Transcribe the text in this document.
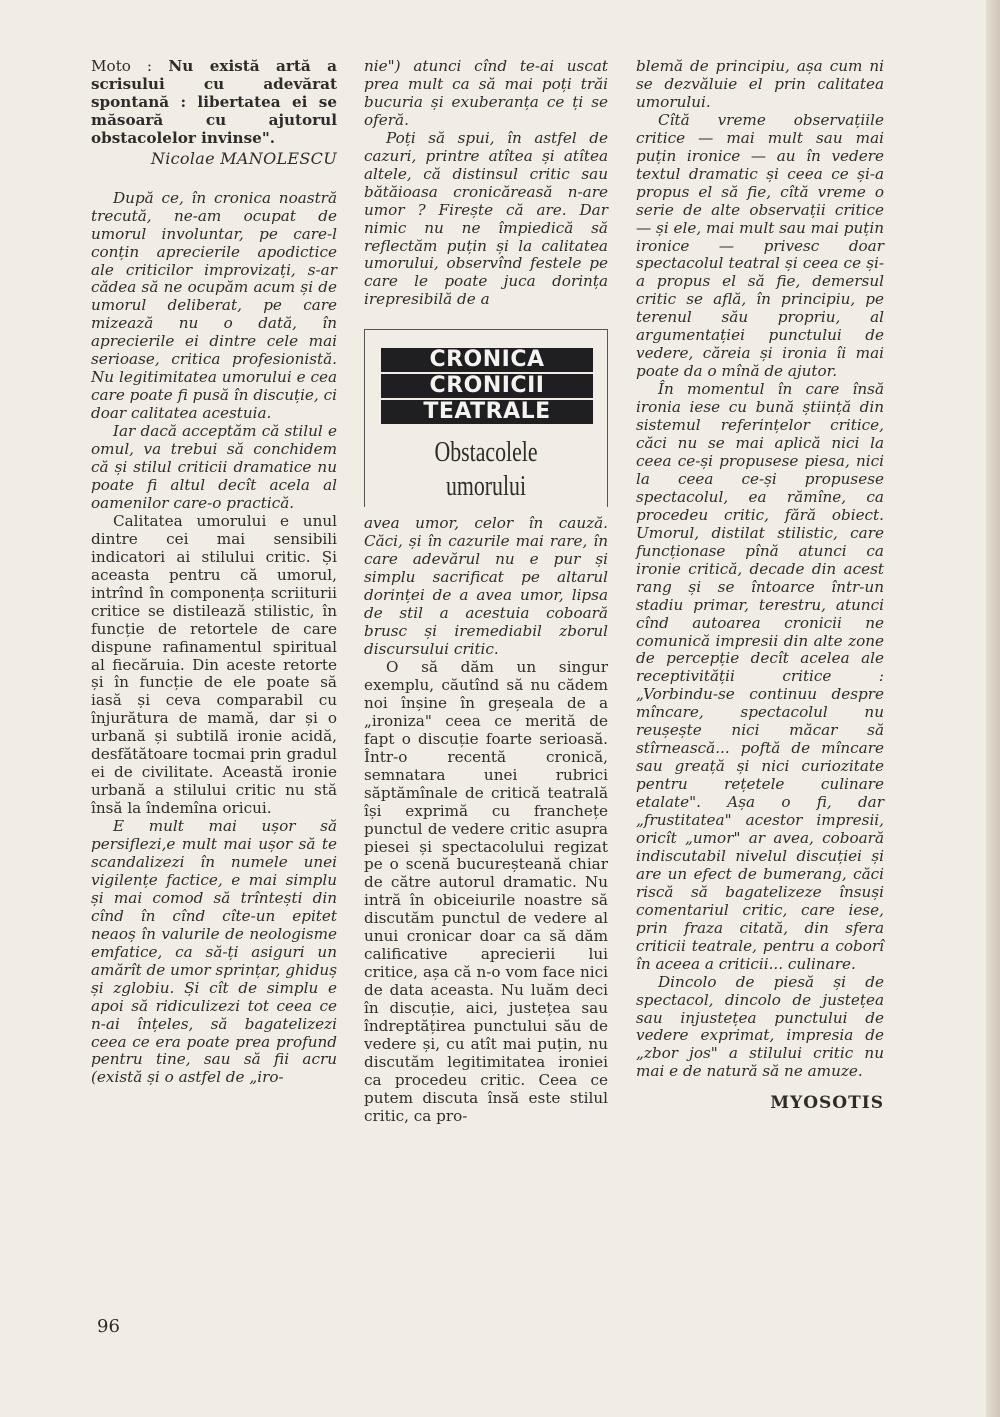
Moto : Nu există artă a scrisului cu adevărat spontană : libertatea ei se măsoară cu ajutorul obstacolelor invinse".

Nicolae MANOLESCU

După ce, în cronica noastră trecută, ne-am ocupat de umorul involuntar, pe care-l conțin aprecierile apodictice ale criticilor improvizați, s-ar cădea să ne ocupăm acum și de umorul deliberat, pe care mizează nu o dată, în aprecierile ei dintre cele mai serioase, critica profesionistă. Nu legitimitatea umorului e cea care poate fi pusă în discuție, ci doar calitatea acestuia.

Iar dacă acceptăm că stilul e omul, va trebui să conchidem că și stilul criticii dramatice nu poate fi altul decît acela al oamenilor care-o practică.

Calitatea umorului e unul dintre cei mai sensibili indicatori ai stilului critic. Și aceasta pentru că umorul, intrînd în componența scriiturii critice se distilează stilistic, în funcție de retortele de care dispune rafinamentul spiritual al fiecăruia. Din aceste retorte și în funcție de ele poate să iasă și ceva comparabil cu înjurătura de mamă, dar și o urbană și subtilă ironie acidă, desfătătoare tocmai prin gradul ei de civilitate. Această ironie urbană a stilului critic nu stă însă la îndemîna oricui.

E mult mai ușor să persiflezi,e mult mai ușor să te scandalizezi în numele unei vigilențe factice, e mai simplu și mai comod să trîntești din cînd în cînd cîte-un epitet neaoș în valurile de neologisme emfatice, ca să-ți asiguri un amărît de umor sprințar, ghiduș și zglobiu. Și cît de simplu e apoi să ridiculizezi tot ceea ce n-ai înțeles, să bagatelizezi ceea ce era poate prea profund pentru tine, sau să fii acru (există și o astfel de „iro-

nie") atunci cînd te-ai uscat prea mult ca să mai poți trăi bucuria și exuberanța ce ți se oferă.

Poți să spui, în astfel de cazuri, printre atîtea și atîtea altele, că distinsul critic sau bătăioasa cronicăreasă n-are umor ? Firește că are. Dar nimic nu ne împiedică să reflectăm puțin și la calitatea umorului, observînd festele pe care le poate juca dorința irepresibilă de a

CRONICA
CRONICII
TEATRALE
Obstacolele
umorului

avea umor, celor în cauză. Căci, și în cazurile mai rare, în care adevărul nu e pur și simplu sacrificat pe altarul dorinței de a avea umor, lipsa de stil a acestuia coboară brusc și iremediabil zborul discursului critic.

O să dăm un singur exemplu, căutînd să nu cădem noi înșine în greșeala de a „ironiza" ceea ce merită de fapt o discuție foarte serioasă. Într-o recentă cronică, semnatara unei rubrici săptămînale de critică teatrală își exprimă cu franchețe punctul de vedere critic asupra piesei și spectacolului regizat pe o scenă bucureșteană chiar de către autorul dramatic. Nu intră în obiceiurile noastre să discutăm punctul de vedere al unui cronicar doar ca să dăm calificative aprecierii lui critice, așa că n-o vom face nici de data aceasta. Nu luăm deci în discuție, aici, justețea sau îndreptățirea punctului său de vedere și, cu atît mai puțin, nu discutăm legitimitatea ironiei ca procedeu critic. Ceea ce putem discuta însă este stilul critic, ca pro-

blemă de principiu, așa cum ni se dezvăluie el prin calitatea umorului.

Cîtă vreme observațiile critice — mai mult sau mai puțin ironice — au în vedere textul dramatic și ceea ce și-a propus el să fie, cîtă vreme o serie de alte observații critice — și ele, mai mult sau mai puțin ironice — privesc doar spectacolul teatral și ceea ce și-a propus el să fie, demersul critic se află, în principiu, pe terenul său propriu, al argumentației punctului de vedere, căreia și ironia îi mai poate da o mînă de ajutor.

În momentul în care însă ironia iese cu bună știință din sistemul referințelor critice, căci nu se mai aplică nici la ceea ce-și propusese piesa, nici la ceea ce-și propusese spectacolul, ea rămîne, ca procedeu critic, fără obiect. Umorul, distilat stilistic, care funcționase pînă atunci ca ironie critică, decade din acest rang și se întoarce într-un stadiu primar, terestru, atunci cînd autoarea cronicii ne comunică impresii din alte zone de percepție decît acelea ale receptivității critice : „Vorbindu-se continuu despre mîncare, spectacolul nu reușește nici măcar să stîrnească... poftă de mîncare sau greață și nici curiozitate pentru rețetele culinare etalate". Așa o fi, dar „frustitatea" acestor impresii, oricît „umor" ar avea, coboară indiscutabil nivelul discuției și are un efect de bumerang, căci riscă să bagatelizeze însuși comentariul critic, care iese, prin fraza citată, din sfera criticii teatrale, pentru a coborî în aceea a criticii... culinare.

Dincolo de piesă și de spectacol, dincolo de justețea sau injustețea punctului de vedere exprimat, impresia de „zbor jos" a stilului critic nu mai e de natură să ne amuze.

MYOSOTIS
96
